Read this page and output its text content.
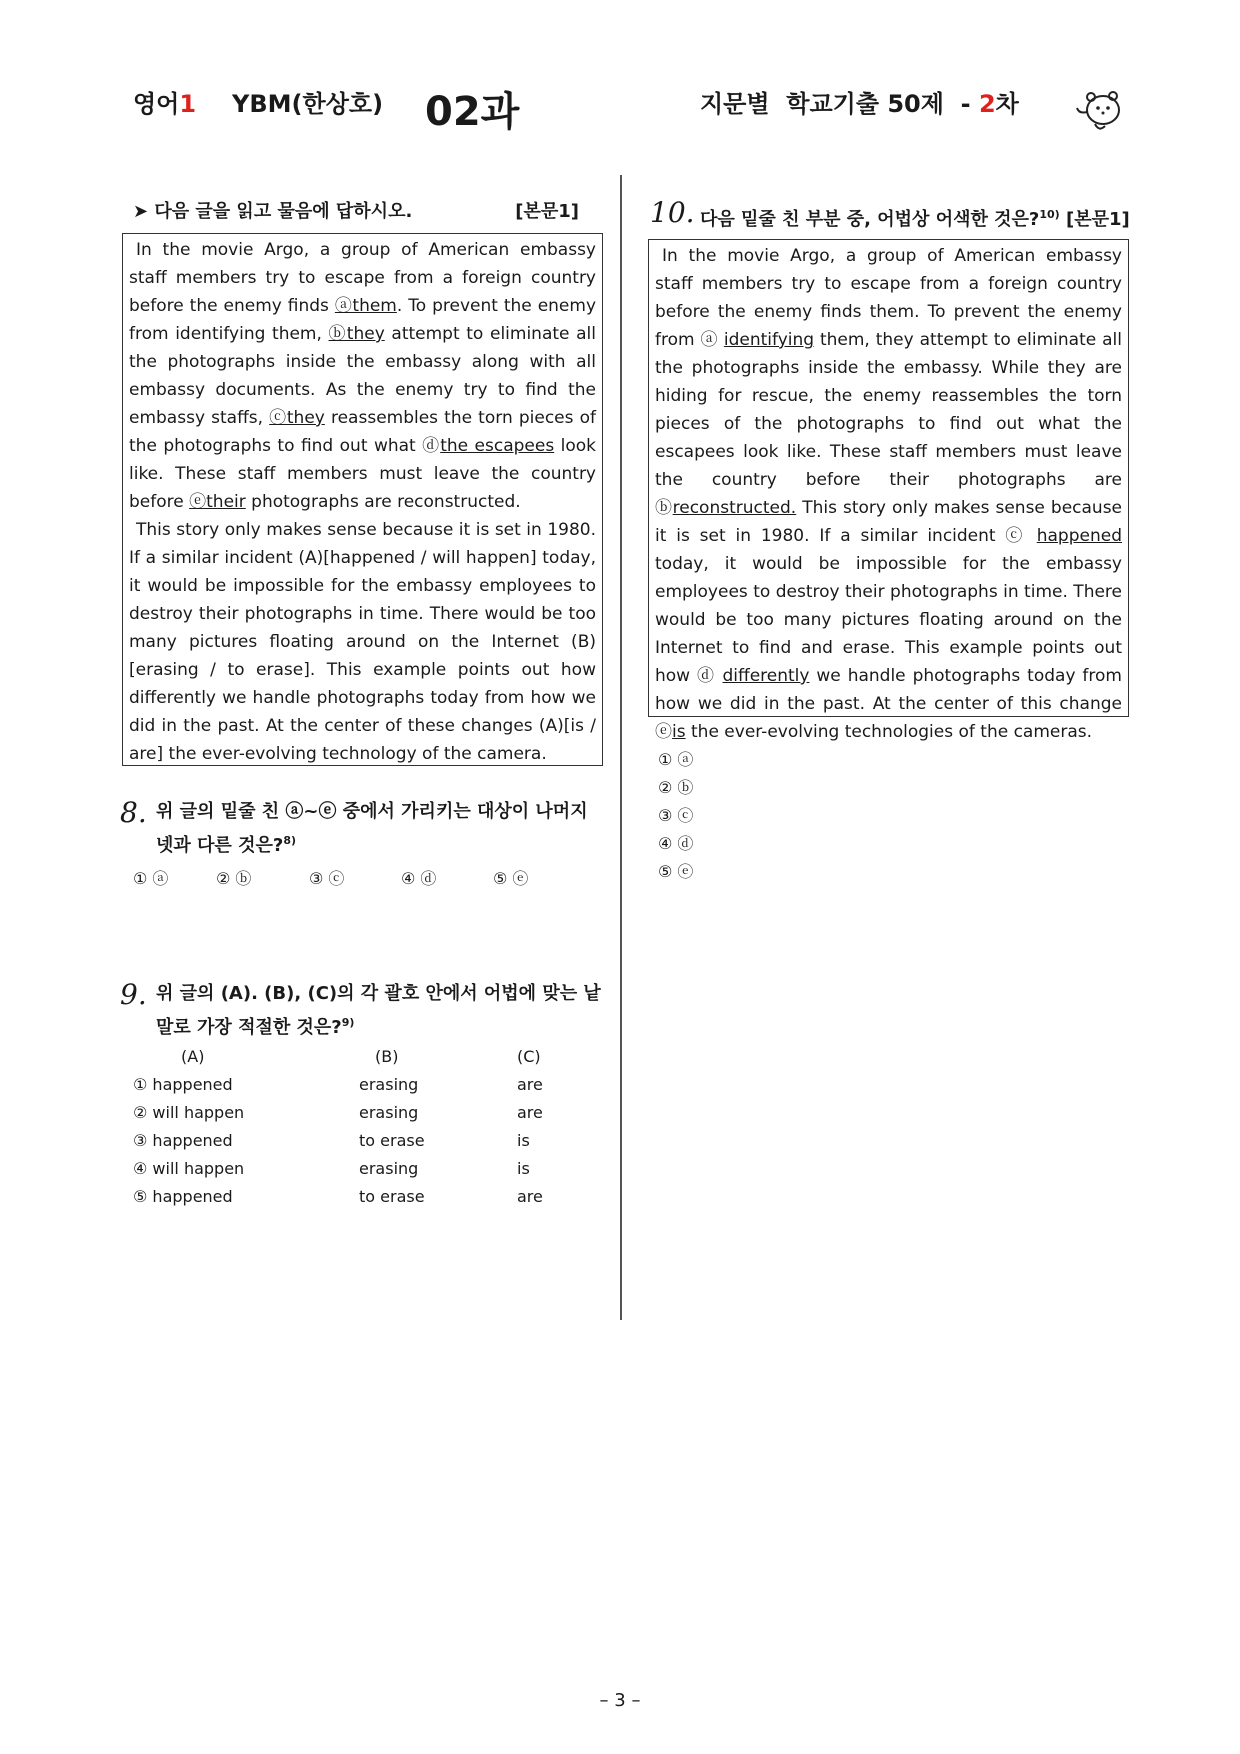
영어1 YBM(한상호) 02과	지문별  학교기출 50제  - 2차
➤ 다음 글을 읽고 물음에 답하시오.	[본문1]

In the movie Argo, a group of American embassy staff members try to escape from a foreign country before the enemy finds ⓐthem. To prevent the enemy from identifying them, ⓑthey attempt to eliminate all the photographs inside the embassy along with all embassy documents. As the enemy try to find the embassy staffs, ⓒthey reassembles the torn pieces of the photographs to find out what ⓓthe escapees look like. These staff members must leave the country before ⓔtheir photographs are reconstructed.

This story only makes sense because it is set in 1980. If a similar incident (A)[happened / will happen] today, it would be impossible for the embassy employees to destroy their photographs in time. There would be too many pictures floating around on the Internet (B)[erasing / to erase]. This example points out how differently we handle photographs today from how we did in the past. At the center of these changes (A)[is / are] the ever-evolving technology of the camera.

8. 위 글의 밑줄 친 ⓐ~ⓔ 중에서 가리키는 대상이 나머지 넷과 다른 것은?$^{8)}$
① ⓐ	② ⓑ	③ ⓒ	④ ⓓ	⑤ ⓔ
9. 위 글의 (A). (B), (C)의 각 괄호 안에서 어법에 맞는 낱말로 가장 적절한 것은?$^{9)}$
(A)	(B)	(C)
① happened	erasing	are
② will happen	erasing	are
③ happened	to erase	is
④ will happen	erasing	is
⑤ happened	to erase	are
10. 다음 밑줄 친 부분 중, 어법상 어색한 것은?$^{10)}$ [본문1]

In the movie Argo, a group of American embassy staff members try to escape from a foreign country before the enemy finds them. To prevent the enemy from ⓐ identifying them, they attempt to eliminate all the photographs inside the embassy. While they are hiding for rescue, the enemy reassembles the torn pieces of the photographs to find out what the escapees look like. These staff members must leave the country before their photographs are ⓑreconstructed. This story only makes sense because it is set in 1980. If a similar incident ⓒ happened today, it would be impossible for the embassy employees to destroy their photographs in time. There would be too many pictures floating around on the Internet to find and erase. This example points out how ⓓ differently we handle photographs today from how we did in the past. At the center of this change ⓔis the ever-evolving technologies of the cameras.

① ⓐ
② ⓑ
③ ⓒ
④ ⓓ
⑤ ⓔ
– 3 –
